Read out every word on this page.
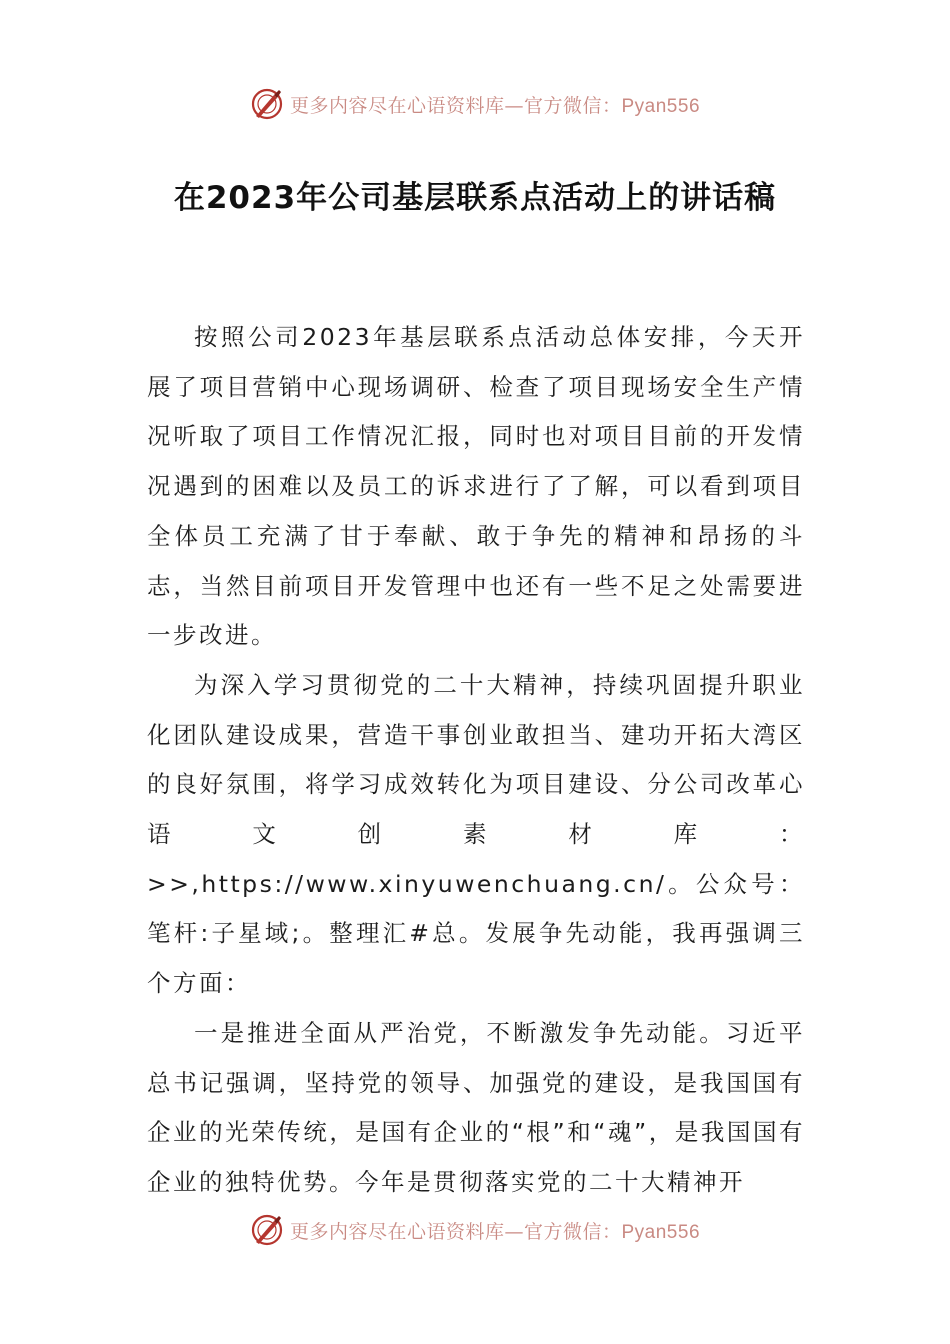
更多内容尽在心语资料库—官方微信：Pyan556
在2023年公司基层联系点活动上的讲话稿

按照公司2023年基层联系点活动总体安排，今天开展了项目营销中心现场调研、检查了项目现场安全生产情况听取了项目工作情况汇报，同时也对项目目前的开发情况遇到的困难以及员工的诉求进行了了解，可以看到项目全体员工充满了甘于奉献、敢于争先的精神和昂扬的斗志，当然目前项目开发管理中也还有一些不足之处需要进一步改进。

为深入学习贯彻党的二十大精神，持续巩固提升职业化团队建设成果，营造干事创业敢担当、建功开拓大湾区的良好氛围，将学习成效转化为项目建设、分公司改革心语文创素材库：>>,https://www.xinyuwenchuang.cn/。公众号：笔杆:子星域;。整理汇#总。发展争先动能，我再强调三个方面：

一是推进全面从严治党，不断激发争先动能。习近平总书记强调，坚持党的领导、加强党的建设，是我国国有企业的光荣传统，是国有企业的“根”和“魂”，是我国国有企业的独特优势。今年是贯彻落实党的二十大精神开

更多内容尽在心语资料库—官方微信：Pyan556
